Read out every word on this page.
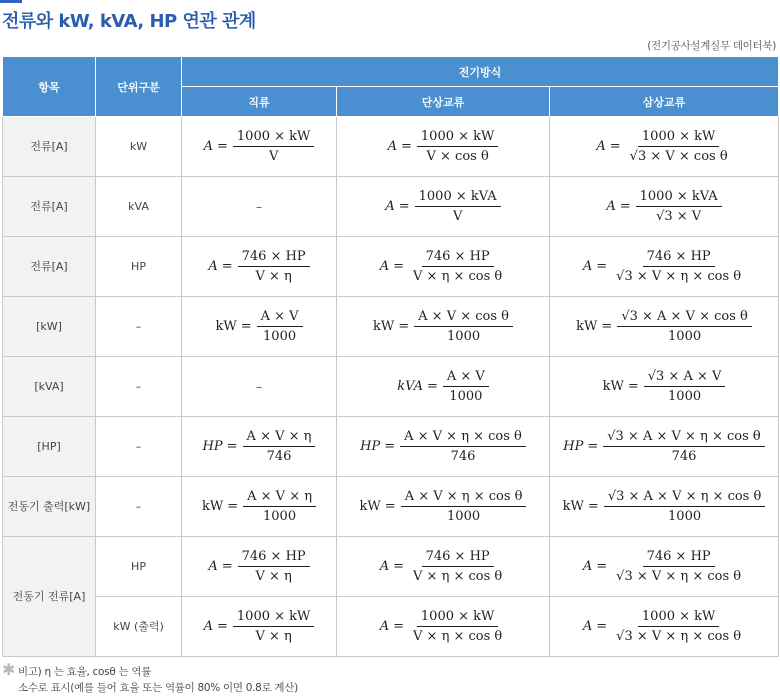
전류와 kW, kVA, HP 연관 관계
(전기공사설계실무 데이터북)
항목	단위구분	전기방식		
		직류	단상교류	삼상교류
전류[A]	kW	$A = \frac{1000 \times kW}{V}$	$A = \frac{1000 \times kW}{\text{V × cos θ}}$	$A = \frac{1000 \times kW}{\text{√3 × V × cos θ}}$

전류[A]	kVA	–	$A = \frac{\text{1000 × kVA}}{V}$	$A = \frac{\text{1000 × kVA}}{√3 \times V}$

전류[A]	HP	$A = \frac{746 \times HP}{V \times \eta}$	$A = \frac{746 \times HP}{\text{V × η × cos θ}}$	$A = \frac{746 \times HP}{\text{√3 × V × η × cos θ}}$

[kW]	–	kW = $\frac{A \times V}{1000}$	kW = $\frac{\text{A × V × cos θ}}{1000}$	kW = $\frac{\text{√3 × A × V × cos θ}}{1000}$

[kVA]	–	–	kVA = $\frac{A \times V}{1000}$	kW = $\frac{√3 \times A \times V}{1000}$

[HP]	–	HP = $\frac{A \times V \times \eta}{746}$	HP = $\frac{\text{A × V × η × cos θ}}{746}$	HP = $\frac{\text{√3 × A × V × η × cos θ}}{746}$

전동기 출력[kW]	–	kW = $\frac{A \times V \times \eta}{1000}$	kW = $\frac{\text{A × V × η × cos θ}}{1000}$	kW = $\frac{\text{√3 × A × V × η × cos θ}}{1000}$

전동기 전류[A]	HP	$A = \frac{746 \times HP}{V \times \eta}$	$A = \frac{746 \times HP}{\text{V × η × cos θ}}$	$A = \frac{746 \times HP}{\text{√3 × V × η × cos θ}}$

	kW (출력)	$A = \frac{1000 \times kW}{V \times \eta}$	$A = \frac{1000 \times kW}{\text{V × η × cos θ}}$	$A = \frac{1000 \times kW}{\text{√3 × V × η × cos θ}}$
✱ 비고) η 는 효율, cosθ 는 역률
소수로 표시(예를 들어 효율 또는 역률이 80% 이면 0.8로 계산)
